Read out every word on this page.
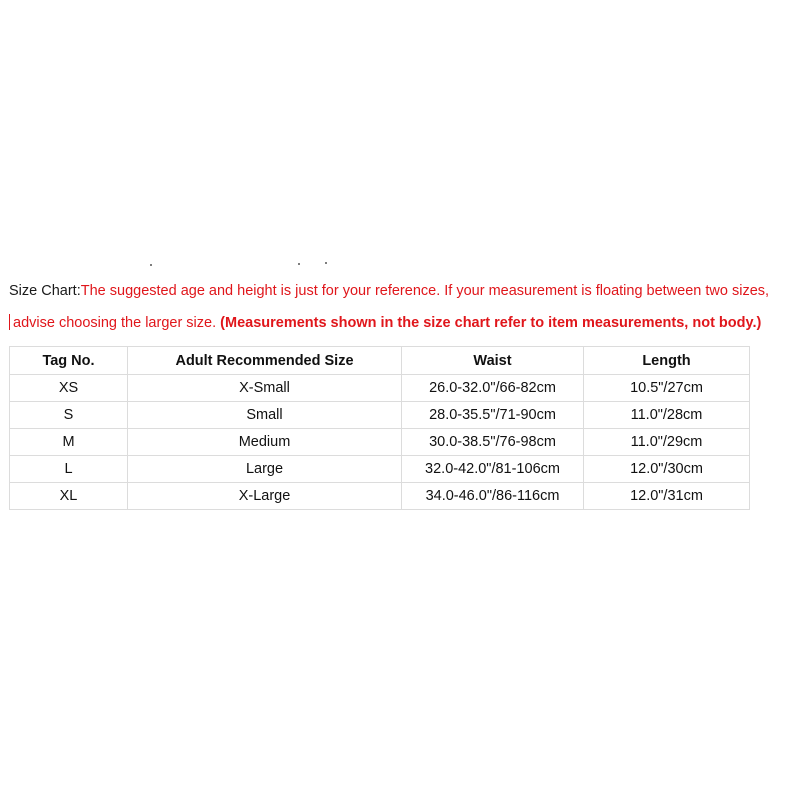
Size Chart:The suggested age and height is just for your reference. If your measurement is floating between two sizes,
advise choosing the larger size. (Measurements shown in the size chart refer to item measurements, not body.)
Tag No.	Adult Recommended Size	Waist	Length
XS	X-Small	26.0-32.0"/66-82cm	10.5"/27cm
S	Small	28.0-35.5"/71-90cm	11.0"/28cm
M	Medium	30.0-38.5"/76-98cm	11.0"/29cm
L	Large	32.0-42.0"/81-106cm	12.0"/30cm
XL	X-Large	34.0-46.0"/86-116cm	12.0"/31cm
